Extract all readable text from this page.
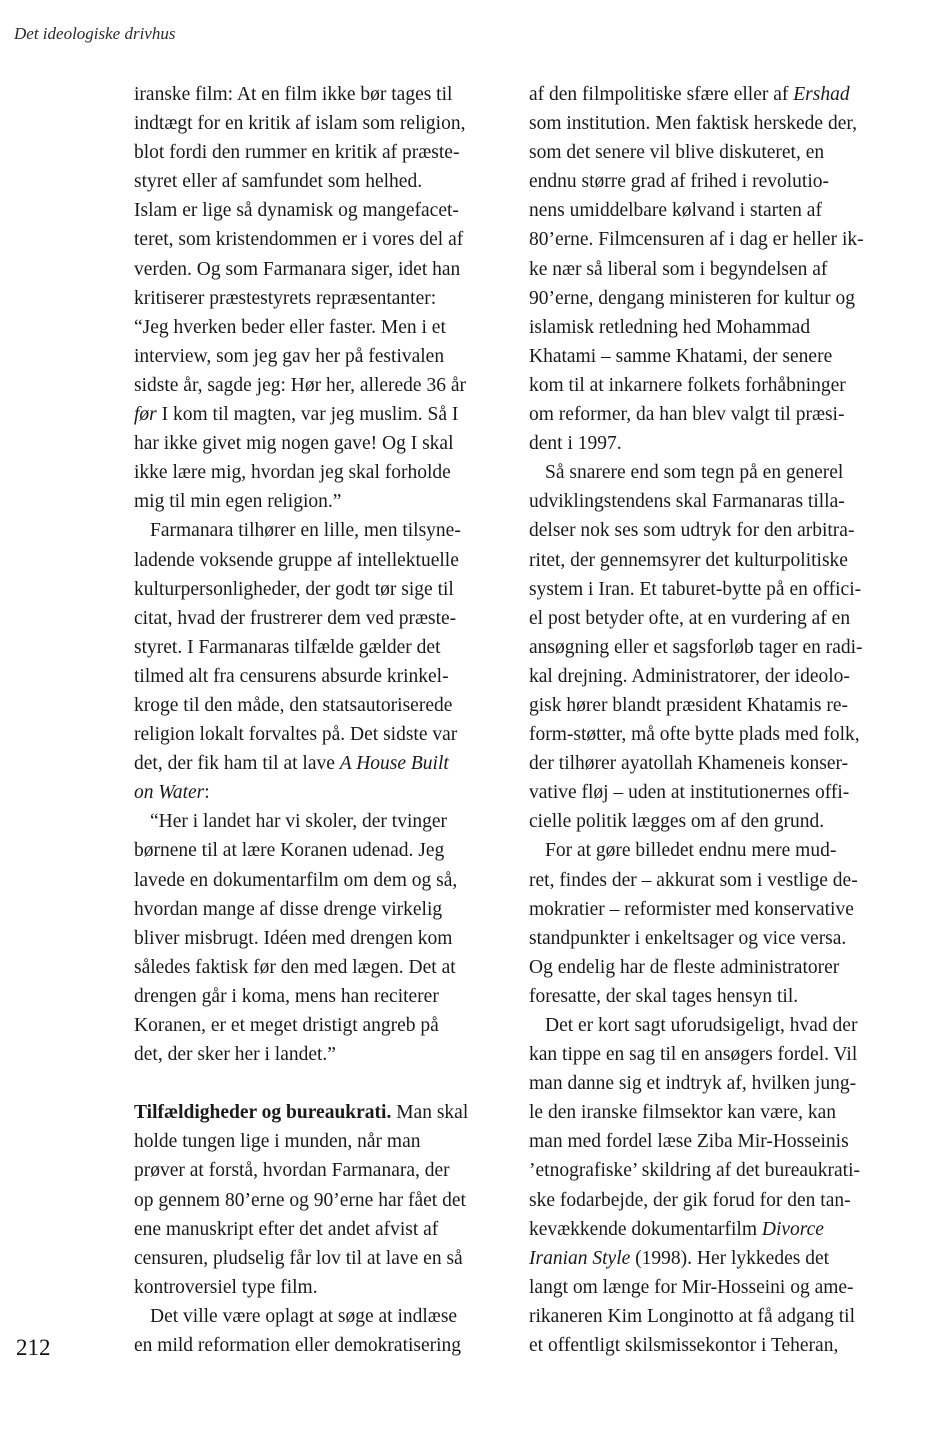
Det ideologiske drivhus
iranske film: At en film ikke bør tages til
indtægt for en kritik af islam som religion,
blot fordi den rummer en kritik af præste-
styret eller af samfundet som helhed.
Islam er lige så dynamisk og mangefacet-
teret, som kristendommen er i vores del af
verden. Og som Farmanara siger, idet han
kritiserer præstestyrets repræsentanter:
“Jeg hverken beder eller faster. Men i et
interview, som jeg gav her på festivalen
sidste år, sagde jeg: Hør her, allerede 36 år
før I kom til magten, var jeg muslim. Så I
har ikke givet mig nogen gave! Og I skal
ikke lære mig, hvordan jeg skal forholde
mig til min egen religion.”
Farmanara tilhører en lille, men tilsyne-
ladende voksende gruppe af intellektuelle
kulturpersonligheder, der godt tør sige til
citat, hvad der frustrerer dem ved præste-
styret. I Farmanaras tilfælde gælder det
tilmed alt fra censurens absurde krinkel-
kroge til den måde, den statsautoriserede
religion lokalt forvaltes på. Det sidste var
det, der fik ham til at lave A House Built
on Water:
“Her i landet har vi skoler, der tvinger
børnene til at lære Koranen udenad. Jeg
lavede en dokumentarfilm om dem og så,
hvordan mange af disse drenge virkelig
bliver misbrugt. Idéen med drengen kom
således faktisk før den med lægen. Det at
drengen går i koma, mens han reciterer
Koranen, er et meget dristigt angreb på
det, der sker her i landet.”
Tilfældigheder og bureaukrati. Man skal
holde tungen lige i munden, når man
prøver at forstå, hvordan Farmanara, der
op gennem 80’erne og 90’erne har fået det
ene manuskript efter det andet afvist af
censuren, pludselig får lov til at lave en så
kontroversiel type film.
Det ville være oplagt at søge at indlæse
en mild reformation eller demokratisering
af den filmpolitiske sfære eller af Ershad
som institution. Men faktisk herskede der,
som det senere vil blive diskuteret, en
endnu større grad af frihed i revolutio-
nens umiddelbare kølvand i starten af
80’erne. Filmcensuren af i dag er heller ik-
ke nær så liberal som i begyndelsen af
90’erne, dengang ministeren for kultur og
islamisk retledning hed Mohammad
Khatami – samme Khatami, der senere
kom til at inkarnere folkets forhåbninger
om reformer, da han blev valgt til præsi-
dent i 1997.
Så snarere end som tegn på en generel
udviklingstendens skal Farmanaras tilla-
delser nok ses som udtryk for den arbitra-
ritet, der gennemsyrer det kulturpolitiske
system i Iran. Et taburet-bytte på en offici-
el post betyder ofte, at en vurdering af en
ansøgning eller et sagsforløb tager en radi-
kal drejning. Administratorer, der ideolo-
gisk hører blandt præsident Khatamis re-
form-støtter, må ofte bytte plads med folk,
der tilhører ayatollah Khameneis konser-
vative fløj – uden at institutionernes offi-
cielle politik lægges om af den grund.
For at gøre billedet endnu mere mud-
ret, findes der – akkurat som i vestlige de-
mokratier – reformister med konservative
standpunkter i enkeltsager og vice versa.
Og endelig har de fleste administratorer
foresatte, der skal tages hensyn til.
Det er kort sagt uforudsigeligt, hvad der
kan tippe en sag til en ansøgers fordel. Vil
man danne sig et indtryk af, hvilken jung-
le den iranske filmsektor kan være, kan
man med fordel læse Ziba Mir-Hosseinis
’etnografiske’ skildring af det bureaukrati-
ske fodarbejde, der gik forud for den tan-
kevækkende dokumentarfilm Divorce
Iranian Style (1998). Her lykkedes det
langt om længe for Mir-Hosseini og ame-
rikaneren Kim Longinotto at få adgang til
et offentligt skilsmissekontor i Teheran,
212
